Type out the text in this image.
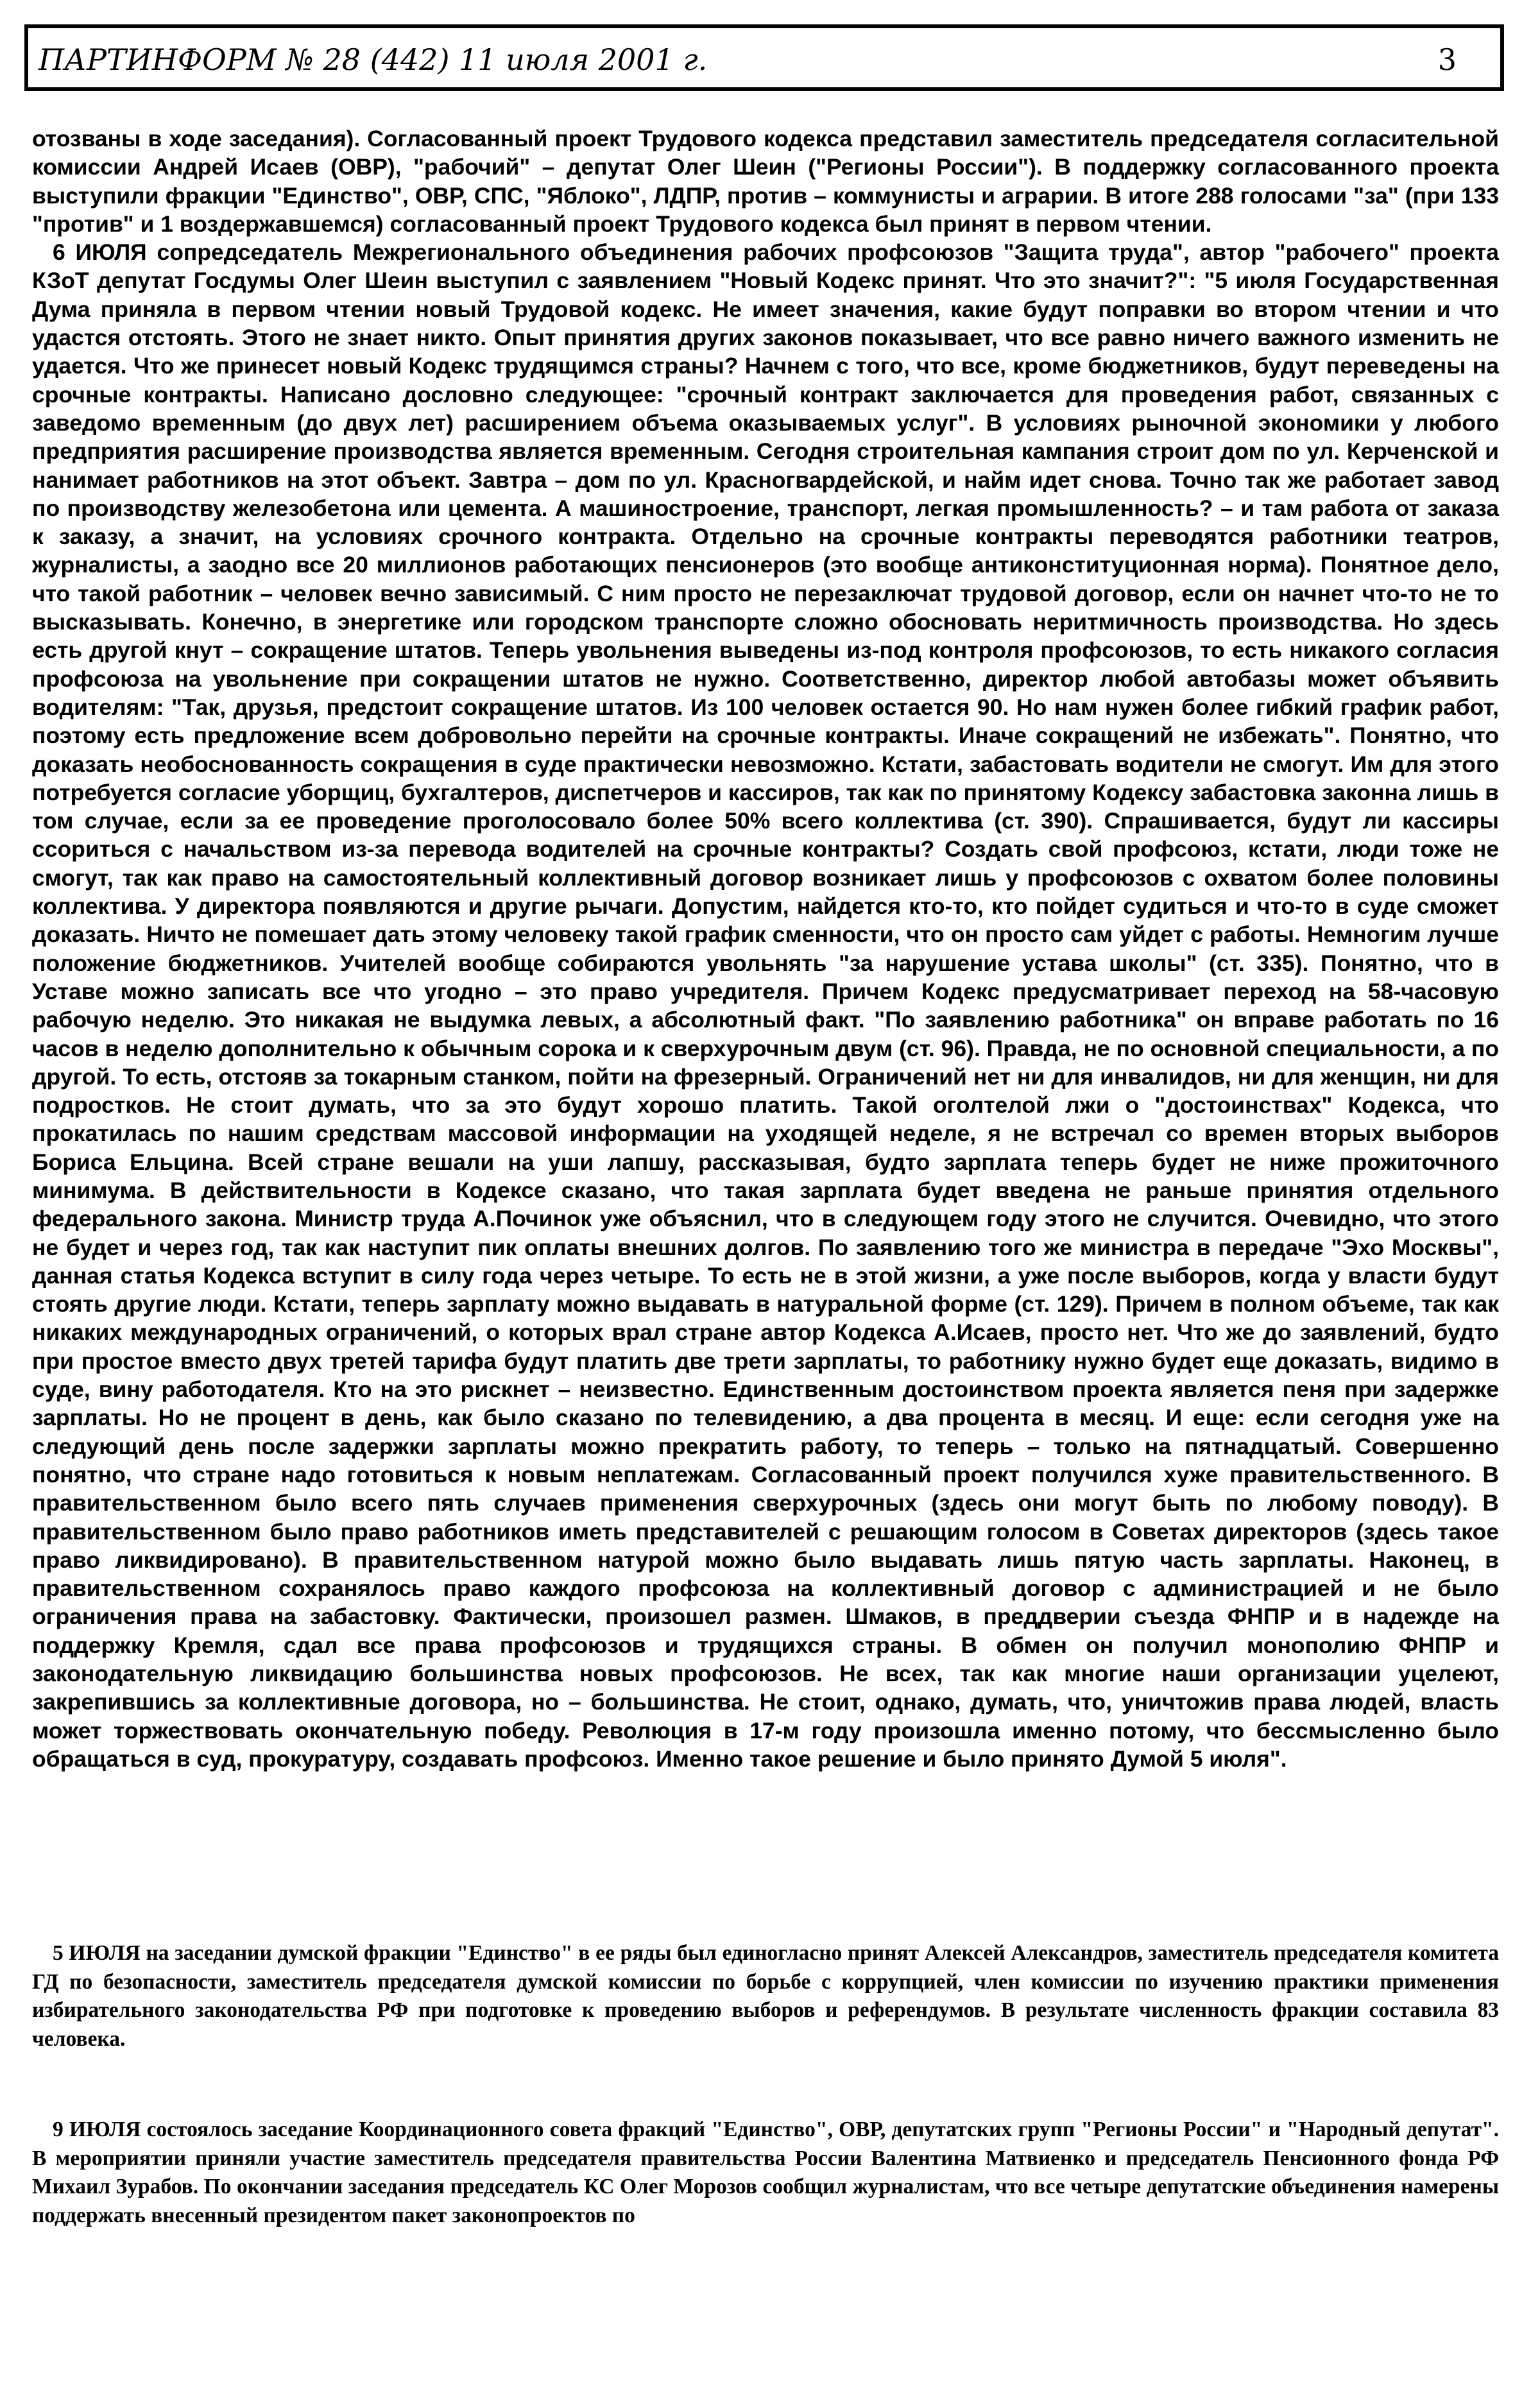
ПАРТИНФОРМ № 28 (442) 11 июля 2001 г.	3

отозваны в ходе заседания). Согласованный проект Трудового кодекса представил заместитель председателя согласительной комиссии Андрей Исаев (ОВР), "рабочий" – депутат Олег Шеин ("Регионы России"). В поддержку согласованного проекта выступили фракции "Единство", ОВР, СПС, "Яблоко", ЛДПР, против – коммунисты и аграрии. В итоге 288 голосами "за" (при 133 "против" и 1 воздержавшемся) согласованный проект Трудового кодекса был принят в первом чтении.

6 ИЮЛЯ сопредседатель Межрегионального объединения рабочих профсоюзов "Защита труда", автор "рабочего" проекта КЗоТ депутат Госдумы Олег Шеин выступил с заявлением "Новый Кодекс принят. Что это значит?": "5 июля Государственная Дума приняла в первом чтении новый Трудовой кодекс. Не имеет значения, какие будут поправки во втором чтении и что удастся отстоять. Этого не знает никто. Опыт принятия других законов показывает, что все равно ничего важного изменить не удается. Что же принесет новый Кодекс трудящимся страны? Начнем с того, что все, кроме бюджетников, будут переведены на срочные контракты. Написано дословно следующее: "срочный контракт заключается для проведения работ, связанных с заведомо временным (до двух лет) расширением объема оказываемых услуг". В условиях рыночной экономики у любого предприятия расширение производства является временным. Сегодня строительная кампания строит дом по ул. Керченской и нанимает работников на этот объект. Завтра – дом по ул. Красногвардейской, и найм идет снова. Точно так же работает завод по производству железобетона или цемента. А машиностроение, транспорт, легкая промышленность? – и там работа от заказа к заказу, а значит, на условиях срочного контракта. Отдельно на срочные контракты переводятся работники театров, журналисты, а заодно все 20 миллионов работающих пенсионеров (это вообще антиконституционная норма). Понятное дело, что такой работник – человек вечно зависимый. С ним просто не перезаключат трудовой договор, если он начнет что-то не то высказывать. Конечно, в энергетике или городском транспорте сложно обосновать неритмичность производства. Но здесь есть другой кнут – сокращение штатов. Теперь увольнения выведены из-под контроля профсоюзов, то есть никакого согласия профсоюза на увольнение при сокращении штатов не нужно. Соответственно, директор любой автобазы может объявить водителям: "Так, друзья, предстоит сокращение штатов. Из 100 человек остается 90. Но нам нужен более гибкий график работ, поэтому есть предложение всем добровольно перейти на срочные контракты. Иначе сокращений не избежать". Понятно, что доказать необоснованность сокращения в суде практически невозможно. Кстати, забастовать водители не смогут. Им для этого потребуется согласие уборщиц, бухгалтеров, диспетчеров и кассиров, так как по принятому Кодексу забастовка законна лишь в том случае, если за ее проведение проголосовало более 50% всего коллектива (ст. 390). Спрашивается, будут ли кассиры ссориться с начальством из-за перевода водителей на срочные контракты? Создать свой профсоюз, кстати, люди тоже не смогут, так как право на самостоятельный коллективный договор возникает лишь у профсоюзов с охватом более половины коллектива. У директора появляются и другие рычаги. Допустим, найдется кто-то, кто пойдет судиться и что-то в суде сможет доказать. Ничто не помешает дать этому человеку такой график сменности, что он просто сам уйдет с работы. Немногим лучше положение бюджетников. Учителей вообще собираются увольнять "за нарушение устава школы" (ст. 335). Понятно, что в Уставе можно записать все что угодно – это право учредителя. Причем Кодекс предусматривает переход на 58-часовую рабочую неделю. Это никакая не выдумка левых, а абсолютный факт. "По заявлению работника" он вправе работать по 16 часов в неделю дополнительно к обычным сорока и к сверхурочным двум (ст. 96). Правда, не по основной специальности, а по другой. То есть, отстояв за токарным станком, пойти на фрезерный. Ограничений нет ни для инвалидов, ни для женщин, ни для подростков. Не стоит думать, что за это будут хорошо платить. Такой оголтелой лжи о "достоинствах" Кодекса, что прокатилась по нашим средствам массовой информации на уходящей неделе, я не встречал со времен вторых выборов Бориса Ельцина. Всей стране вешали на уши лапшу, рассказывая, будто зарплата теперь будет не ниже прожиточного минимума. В действительности в Кодексе сказано, что такая зарплата будет введена не раньше принятия отдельного федерального закона. Министр труда А.Починок уже объяснил, что в следующем году этого не случится. Очевидно, что этого не будет и через год, так как наступит пик оплаты внешних долгов. По заявлению того же министра в передаче "Эхо Москвы", данная статья Кодекса вступит в силу года через четыре. То есть не в этой жизни, а уже после выборов, когда у власти будут стоять другие люди. Кстати, теперь зарплату можно выдавать в натуральной форме (ст. 129). Причем в полном объеме, так как никаких международных ограничений, о которых врал стране автор Кодекса А.Исаев, просто нет. Что же до заявлений, будто при простое вместо двух третей тарифа будут платить две трети зарплаты, то работнику нужно будет еще доказать, видимо в суде, вину работодателя. Кто на это рискнет – неизвестно. Единственным достоинством проекта является пеня при задержке зарплаты. Но не процент в день, как было сказано по телевидению, а два процента в месяц. И еще: если сегодня уже на следующий день после задержки зарплаты можно прекратить работу, то теперь – только на пятнадцатый. Совершенно понятно, что стране надо готовиться к новым неплатежам. Согласованный проект получился хуже правительственного. В правительственном было всего пять случаев применения сверхурочных (здесь они могут быть по любому поводу). В правительственном было право работников иметь представителей с решающим голосом в Советах директоров (здесь такое право ликвидировано). В правительственном натурой можно было выдавать лишь пятую часть зарплаты. Наконец, в правительственном сохранялось право каждого профсоюза на коллективный договор с администрацией и не было ограничения права на забастовку. Фактически, произошел размен. Шмаков, в преддверии съезда ФНПР и в надежде на поддержку Кремля, сдал все права профсоюзов и трудящихся страны. В обмен он получил монополию ФНПР и законодательную ликвидацию большинства новых профсоюзов. Не всех, так как многие наши организации уцелеют, закрепившись за коллективные договора, но – большинства. Не стоит, однако, думать, что, уничтожив права людей, власть может торжествовать окончательную победу. Революция в 17-м году произошла именно потому, что бессмысленно было обращаться в суд, прокуратуру, создавать профсоюз. Именно такое решение и было принято Думой 5 июля".

5 ИЮЛЯ на заседании думской фракции "Единство" в ее ряды был единогласно принят Алексей Александров, заместитель председателя комитета ГД по безопасности, заместитель председателя думской комиссии по борьбе с коррупцией, член комиссии по изучению практики применения избирательного законодательства РФ при подготовке к проведению выборов и референдумов. В результате численность фракции составила 83 человека.

9 ИЮЛЯ состоялось заседание Координационного совета фракций "Единство", ОВР, депутатских групп "Регионы России" и "Народный депутат". В мероприятии приняли участие заместитель председателя правительства России Валентина Матвиенко и председатель Пенсионного фонда РФ Михаил Зурабов. По окончании заседания председатель КС Олег Морозов сообщил журналистам, что все четыре депутатские объединения намерены поддержать внесенный президентом пакет законопроектов по
